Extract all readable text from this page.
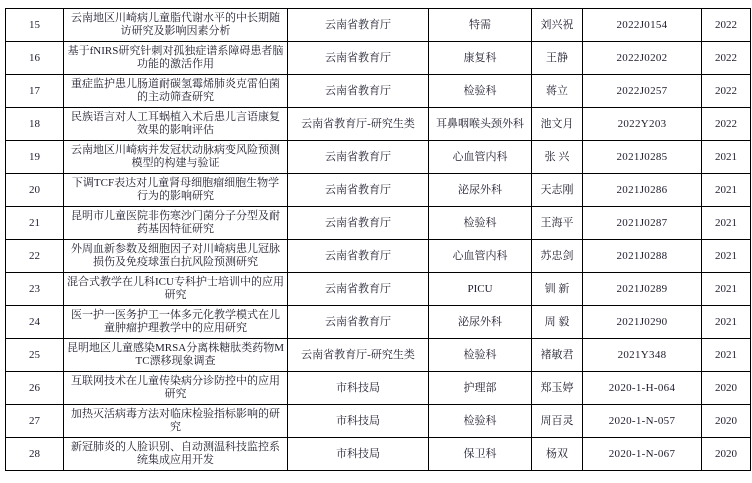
15	云南地区川崎病儿童脂代谢水平的中长期随访研究及影响因素分析	云南省教育厅	特需	刘兴祝	2022J0154	2022
16	基于fNIRS研究针刺对孤独症谱系障碍患者脑功能的激活作用	云南省教育厅	康复科	王静	2022J0202	2022
17	重症监护患儿肠道耐碳氢霉烯肺炎克雷伯菌的主动筛查研究	云南省教育厅	检验科	蒋立	2022J0257	2022
18	民族语言对人工耳蜗植入术后患儿言语康复效果的影响评估	云南省教育厅-研究生类	耳鼻咽喉头颈外科	池文月	2022Y203	2022
19	云南地区川崎病并发冠状动脉病变风险预测模型的构建与验证	云南省教育厅	心血管内科	张 兴	2021J0285	2021
20	下调TCF表达对儿童肾母细胞瘤细胞生物学行为的影响研究	云南省教育厅	泌尿外科	天志刚	2021J0286	2021
21	昆明市儿童医院非伤寒沙门菌分子分型及耐药基因特征研究	云南省教育厅	检验科	王海平	2021J0287	2021
22	外周血新参数及细胞因子对川崎病患儿冠脉损伤及免疫球蛋白抗风险预测研究	云南省教育厅	心血管内科	苏忠剑	2021J0288	2021
23	混合式教学在儿科ICU专科护士培训中的应用研究	云南省教育厅	PICU	钏 新	2021J0289	2021
24	医一护一医务护工一体多元化教学模式在儿童肿瘤护理教学中的应用研究	云南省教育厅	泌尿外科	周 毅	2021J0290	2021
25	昆明地区儿童感染MRSA分离株糖肽类药物MTC漂移现象调查	云南省教育厅-研究生类	检验科	褚敏君	2021Y348	2021
26	互联网技术在儿童传染病分诊防控中的应用研究	市科技局	护理部	郑玉婷	2020-1-H-064	2020
27	加热灭活病毒方法对临床检验指标影响的研究	市科技局	检验科	周百灵	2020-1-N-057	2020
28	新冠肺炎的人脸识别、自动测温科技监控系统集成应用开发	市科技局	保卫科	杨双	2020-1-N-067	2020
